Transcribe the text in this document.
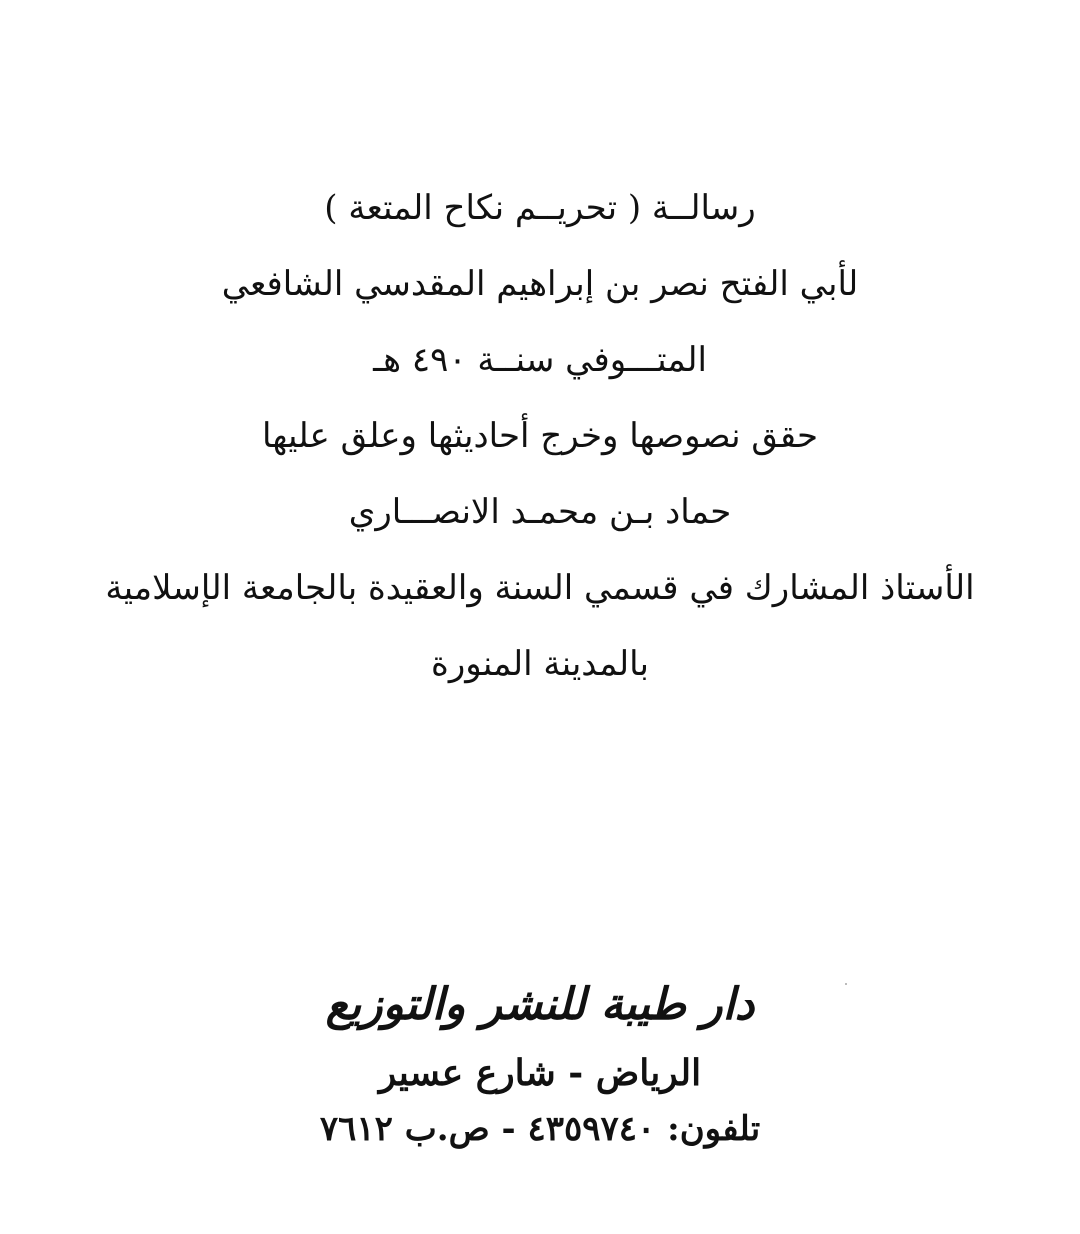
رسالــة ( تحريــم نكاح المتعة )
لأبي الفتح نصر بن إبراهيم المقدسي الشافعي
المتـــوفي سنــة ٤٩٠ هـ
حقق نصوصها وخرج أحاديثها وعلق عليها
حماد بـن محمـد الانصـــاري
الأستاذ المشارك في قسمي السنة والعقيدة بالجامعة الإسلامية
بالمدينة المنورة
دار طيبة للنشر والتوزيع
الرياض - شارع عسير
تلفون: ٤٣٥٩٧٤٠ - ص.ب ٧٦١٢
